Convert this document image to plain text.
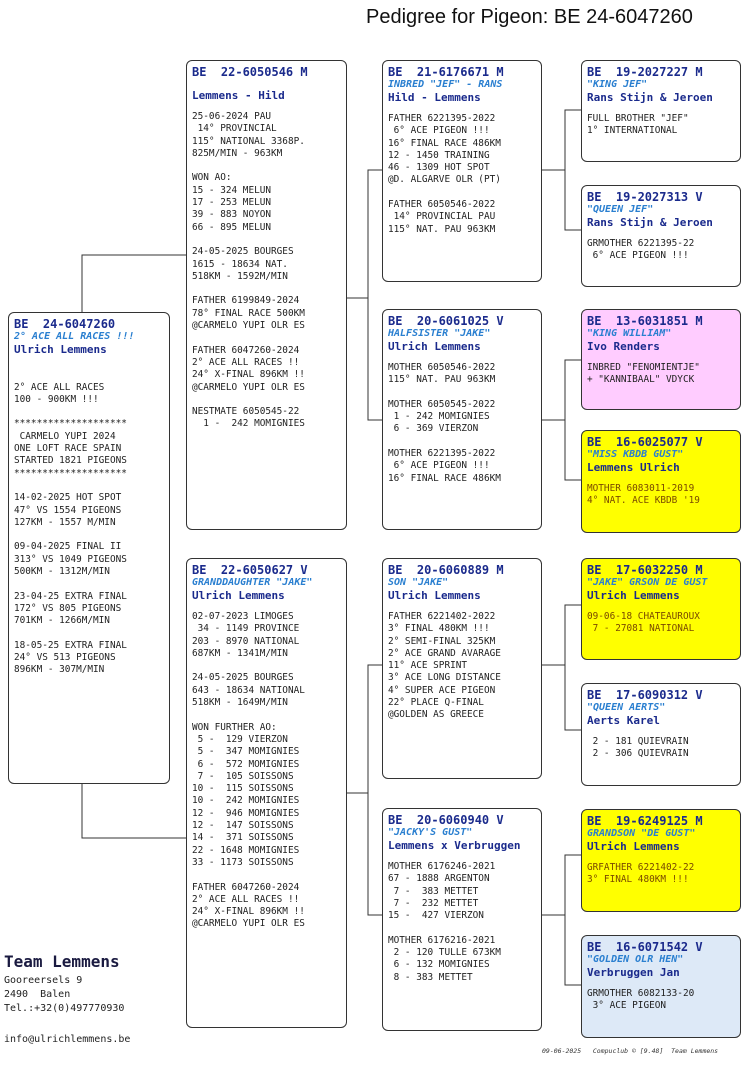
Pedigree for Pigeon: BE 24-6047260
BE  24-6047260
2° ACE ALL RACES !!!
Ulrich Lemmens

2° ACE ALL RACES
100 - 900KM !!!

********************
CARMELO YUPI 2024
ONE LOFT RACE SPAIN
STARTED 1821 PIGEONS
********************

14-02-2025 HOT SPOT
47° VS 1554 PIGEONS
127KM - 1557 M/MIN

09-04-2025 FINAL II
313° VS 1049 PIGEONS
500KM - 1312M/MIN

23-04-25 EXTRA FINAL
172° VS 805 PIGEONS
701KM - 1266M/MIN

18-05-25 EXTRA FINAL
24° VS 513 PIGEONS
896KM - 307M/MIN
BE  22-6050546 M
Lemmens - Hild
25-06-2024 PAU
14° PROVINCIAL
115° NATIONAL 3368P.
825M/MIN - 963KM

WON AO:
15 - 324 MELUN
17 - 253 MELUN
39 - 883 NOYON
66 - 895 MELUN

24-05-2025 BOURGES
1615 - 18634 NAT.
518KM - 1592M/MIN

FATHER 6199849-2024
78° FINAL RACE 500KM
@CARMELO YUPI OLR ES

FATHER 6047260-2024
2° ACE ALL RACES !!
24° X-FINAL 896KM !!
@CARMELO YUPI OLR ES

NESTMATE 6050545-22
1 -  242 MOMIGNIES
BE  22-6050627 V
GRANDDAUGHTER "JAKE"
Ulrich Lemmens
02-07-2023 LIMOGES
34 - 1149 PROVINCE
203 - 8970 NATIONAL
687KM - 1341M/MIN

24-05-2025 BOURGES
643 - 18634 NATIONAL
518KM - 1649M/MIN

WON FURTHER AO:
5 -  129 VIERZON
5 -  347 MOMIGNIES
6 -  572 MOMIGNIES
7 -  105 SOISSONS
10 -  115 SOISSONS
10 -  242 MOMIGNIES
12 -  946 MOMIGNIES
12 -  147 SOISSONS
14 -  371 SOISSONS
22 - 1648 MOMIGNIES
33 - 1173 SOISSONS

FATHER 6047260-2024
2° ACE ALL RACES !!
24° X-FINAL 896KM !!
@CARMELO YUPI OLR ES
BE  21-6176671 M
INBRED "JEF" - RANS
Hild - Lemmens
FATHER 6221395-2022
6° ACE PIGEON !!!
16° FINAL RACE 486KM
12 - 1450 TRAINING
46 - 1309 HOT SPOT
@D. ALGARVE OLR (PT)

FATHER 6050546-2022
14° PROVINCIAL PAU
115° NAT. PAU 963KM
BE  20-6061025 V
HALFSISTER "JAKE"
Ulrich Lemmens
MOTHER 6050546-2022
115° NAT. PAU 963KM

MOTHER 6050545-2022
1 - 242 MOMIGNIES
6 - 369 VIERZON

MOTHER 6221395-2022
6° ACE PIGEON !!!
16° FINAL RACE 486KM
BE  20-6060889 M
SON "JAKE"
Ulrich Lemmens
FATHER 6221402-2022
3° FINAL 480KM !!!
2° SEMI-FINAL 325KM
2° ACE GRAND AVARAGE
11° ACE SPRINT
3° ACE LONG DISTANCE
4° SUPER ACE PIGEON
22° PLACE Q-FINAL
@GOLDEN AS GREECE
BE  20-6060940 V
"JACKY'S GUST"
Lemmens x Verbruggen
MOTHER 6176246-2021
67 - 1888 ARGENTON
7 -  383 METTET
7 -  232 METTET
15 -  427 VIERZON

MOTHER 6176216-2021
2 - 120 TULLE 673KM
6 - 132 MOMIGNIES
8 - 383 METTET
BE  19-2027227 M
"KING JEF"
Rans Stijn & Jeroen
FULL BROTHER "JEF"
1° INTERNATIONAL
BE  19-2027313 V
"QUEEN JEF"
Rans Stijn & Jeroen
GRMOTHER 6221395-22
6° ACE PIGEON !!!
BE  13-6031851 M
"KING WILLIAM"
Ivo Renders
INBRED "FENOMIENTJE"
+ "KANNIBAAL" VDYCK
BE  16-6025077 V
"MISS KBDB GUST"
Lemmens Ulrich
MOTHER 6083011-2019
4° NAT. ACE KBDB '19
BE  17-6032250 M
"JAKE" GRSON DE GUST
Ulrich Lemmens
09-06-18 CHATEAUROUX
7 - 27081 NATIONAL
BE  17-6090312 V
"QUEEN AERTS"
Aerts Karel
2 - 181 QUIEVRAIN
2 - 306 QUIEVRAIN
BE  19-6249125 M
GRANDSON "DE GUST"
Ulrich Lemmens
GRFATHER 6221402-22
3° FINAL 480KM !!!
BE  16-6071542 V
"GOLDEN OLR HEN"
Verbruggen Jan
GRMOTHER 6082133-20
3° ACE PIGEON
Team Lemmens
Gooreersels 9
2490  Balen
Tel.:+32(0)497770930
info@ulrichlemmens.be
09-06-2025   Compuclub © [9.48]  Team Lemmens
